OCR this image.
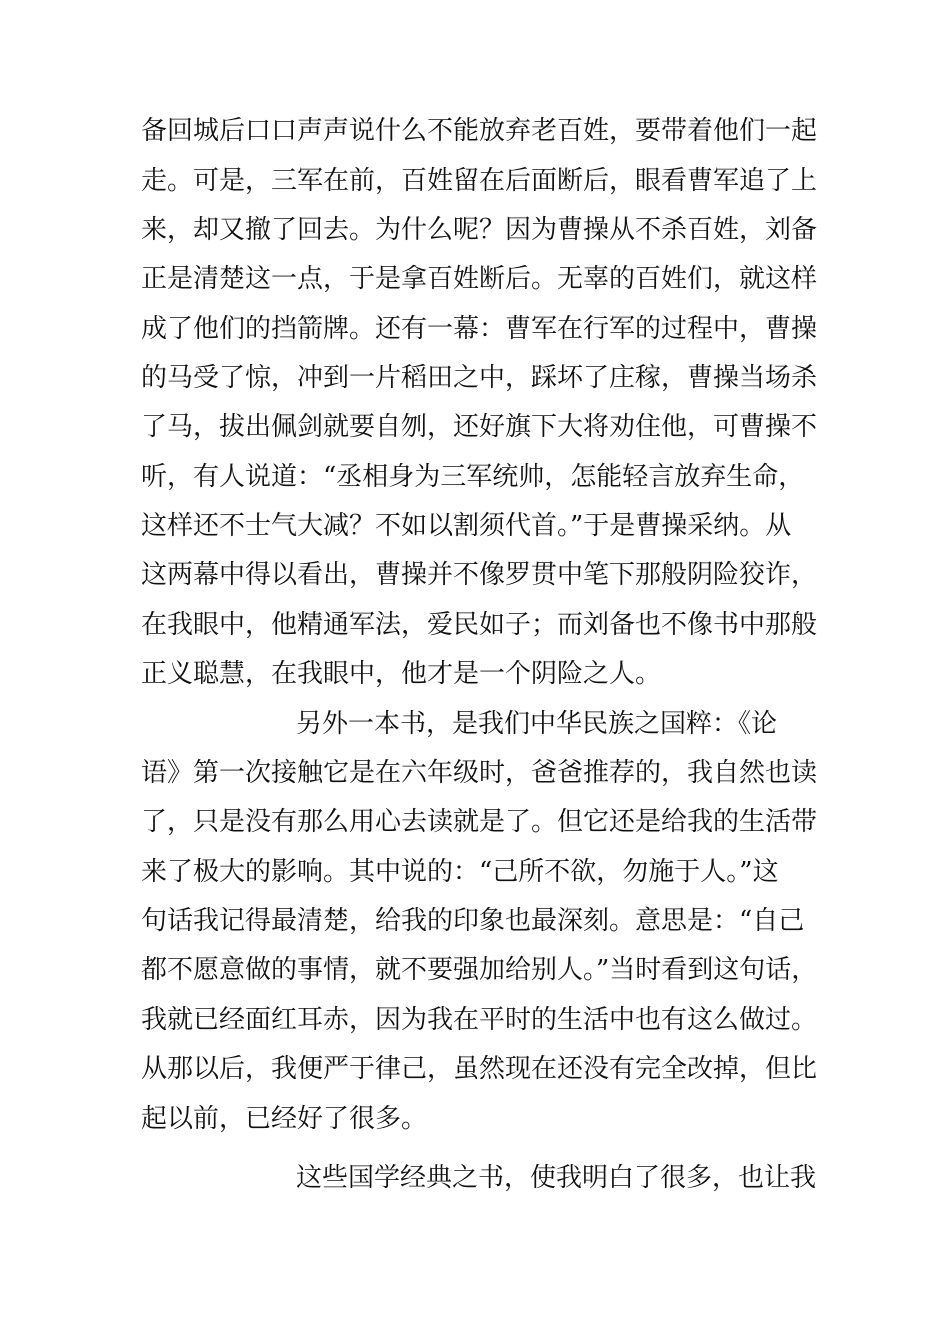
备回城后口口声声说什么不能放弃老百姓，要带着他们一起
走。可是，三军在前，百姓留在后面断后，眼看曹军追了上
来，却又撤了回去。为什么呢？因为曹操从不杀百姓，刘备
正是清楚这一点，于是拿百姓断后。无辜的百姓们，就这样
成了他们的挡箭牌。还有一幕：曹军在行军的过程中，曹操
的马受了惊，冲到一片稻田之中，踩坏了庄稼，曹操当场杀
了马，拔出佩剑就要自刎，还好旗下大将劝住他，可曹操不
听，有人说道：“丞相身为三军统帅，怎能轻言放弃生命，
这样还不士气大减？不如以割须代首。”于是曹操采纳。从
这两幕中得以看出，曹操并不像罗贯中笔下那般阴险狡诈，
在我眼中，他精通军法，爱民如子；而刘备也不像书中那般
正义聪慧，在我眼中，他才是一个阴险之人。
另外一本书，是我们中华民族之国粹：《论
语》第一次接触它是在六年级时，爸爸推荐的，我自然也读
了，只是没有那么用心去读就是了。但它还是给我的生活带
来了极大的影响。其中说的：“己所不欲，勿施于人。”这
句话我记得最清楚，给我的印象也最深刻。意思是：“自己
都不愿意做的事情，就不要强加给别人。”当时看到这句话，
我就已经面红耳赤，因为我在平时的生活中也有这么做过。
从那以后，我便严于律己，虽然现在还没有完全改掉，但比
起以前，已经好了很多。
这些国学经典之书，使我明白了很多，也让我
